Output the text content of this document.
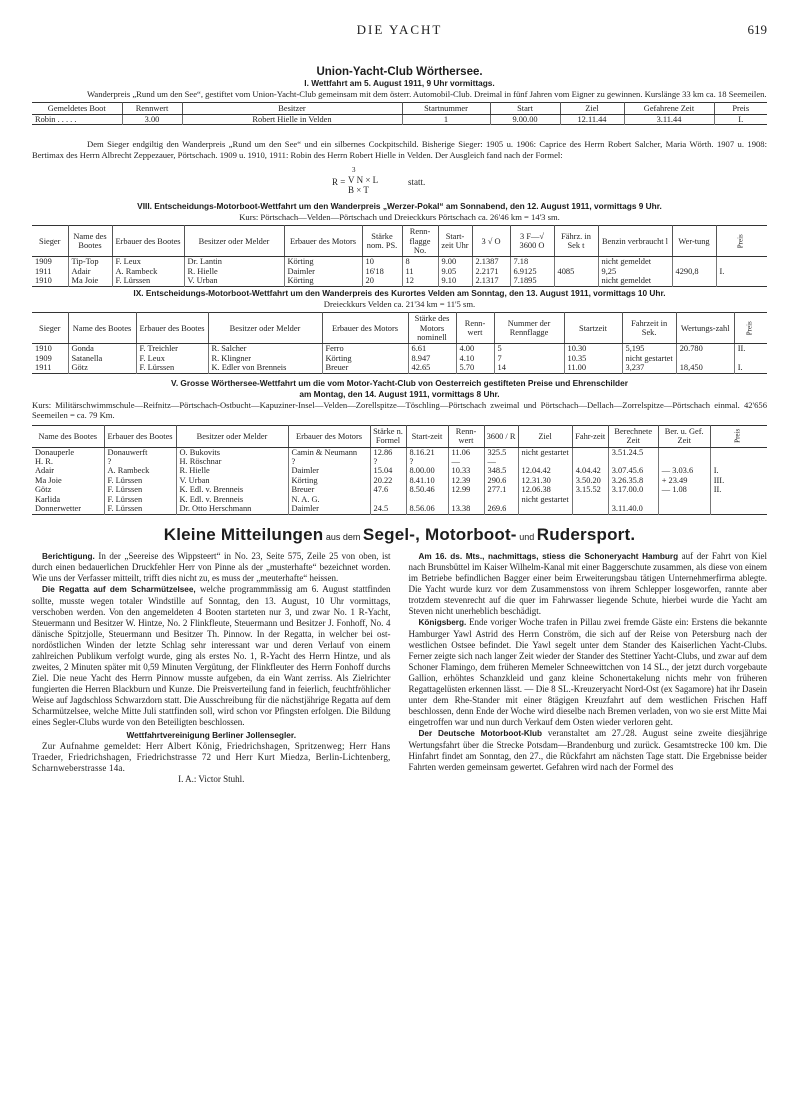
DIE YACHT	619
Union-Yacht-Club Wörthersee.
I. Wettfahrt am 5. August 1911, 9 Uhr vormittags.
Wanderpreis „Rund um den See“, gestiftet vom Union-Yacht-Club gemeinsam mit dem österr. Automobil-Club. Dreimal in fünf Jahren vom Eigner zu gewinnen. Kurslänge 33 km ca. 18 Seemeilen.
Gemeldetes Boot	Rennwert	Besitzer	Startnummer	Start	Ziel	Gefahrene Zeit	Preis
Robin . . . . .	3.00	Robert Hielle in Velden	1	9.00.00	12.11.44	3.11.44	I.
Dem Sieger endgiltig den Wanderpreis „Rund um den See“ und ein silbernes Cockpitschild. Bisherige Sieger: 1905 u. 1906: Caprice des Herrn Robert Salcher, Maria Wörth. 1907 u. 1908: Bertimax des Herrn Albrecht Zeppezauer, Pörtschach. 1909 u. 1910, 1911: Robin des Herrn Robert Hielle in Velden. Der Ausgleich fand nach der Formel:
R =
3
V N × L
B × T
statt.
VIII. Entscheidungs-Motorboot-Wettfahrt um den Wanderpreis „Werzer-Pokal“ am Sonnabend, den 12. August 1911, vormittags 9 Uhr.
Kurs: Pörtschach—Velden—Pörtschach und Dreieckkurs Pörtschach ca. 26'46 km = 14'3 sm.
Sieger	Name des Bootes	Erbauer des Bootes	Besitzer oder Melder	Erbauer des Motors	Stärke nom. PS.	Renn-flagge No.	Start-zeit Uhr	3 √ O	3 F—√ 3600 O	Fährz. in Sek t	Benzin verbraucht l	Wer-tung	Preis
1909	Tip-Top	F. Leux	Dr. Lantin	Körting	10	8	9.00	2.1387	7.18		nicht gemeldet		
1911	Adair	A. Rambeck	R. Hielle	Daimler	16'18	11	9.05	2.2171	6.9125	4085	9,25	4290,8	I.
1910	Ma Joie	F. Lürssen	V. Urban	Körting	20	12	9.10	2.1317	7.1895		nicht gemeldet		
IX. Entscheidungs-Motorboot-Wettfahrt um den Wanderpreis des Kurortes Velden am Sonntag, den 13. August 1911, vormittags 10 Uhr.
Dreieckkurs Velden ca. 21'34 km = 11'5 sm.
Sieger	Name des Bootes	Erbauer des Bootes	Besitzer oder Melder	Erbauer des Motors	Stärke des Motors nominell	Renn-wert	Nummer der Rennflagge	Startzeit	Fahrzeit in Sek.	Wertungs-zahl	Preis
1910	Gonda	F. Treichler	R. Salcher	Ferro	6.61	4.00	5	10.30	5,195	20.780	II.
1909	Satanella	F. Leux	R. Klingner	Körting	8.947	4.10	7	10.35	nicht gestartet		
1911	Götz	F. Lürssen	K. Edler von Brenneis	Breuer	42.65	5.70	14	11.00	3,237	18,450	I.
V. Grosse Wörthersee-Wettfahrt um die vom Motor-Yacht-Club von Oesterreich gestifteten Preise und Ehrenschilder
am Montag, den 14. August 1911, vormittags 8 Uhr.
Kurs: Militärschwimmschule—Reifnitz—Pörtschach-Ostbucht—Kapuziner-Insel—Velden—Zorellspitze—Töschling—Pörtschach zweimal und Pörtschach—Dellach—Zorrelspitze—Pörtschach einmal. 42'656 Seemeilen = ca. 79 Km.
Name des Bootes	Erbauer des Bootes	Besitzer oder Melder	Erbauer des Motors	Stärke n. Formel	Start-zeit	Renn-wert	3600 / R	Ziel	Fahr-zeit	Berechnete Zeit	Ber. u. Gef. Zeit	Preis
Donauperle	Donauwerft	O. Bukovits	Camin & Neumann	12.86	8.16.21	11.06	325.5	nicht gestartet		3.51.24.5		
H. R.	?	H. Röschnar	?	?	?	—	—					
Adair	A. Rambeck	R. Hielle	Daimler	15.04	8.00.00	10.33	348.5	12.04.42	4.04.42	3.07.45.6	— 3.03.6	I.
Ma Joie	F. Lürssen	V. Urban	Körting	20.22	8.41.10	12.39	290.6	12.31.30	3.50.20	3.26.35.8	+ 23.49	III.
Götz	F. Lürssen	K. Edl. v. Brenneis	Breuer	47.6	8.50.46	12.99	277.1	12.06.38	3.15.52	3.17.00.0	— 1.08	II.
Karlida	F. Lürssen	K. Edl. v. Brenneis	N. A. G.					nicht gestartet				
Donnerwetter	F. Lürssen	Dr. Otto Herschmann	Daimler	24.5	8.56.06	13.38	269.6			3.11.40.0		
Kleine Mitteilungen aus dem Segel-, Motorboot- und Rudersport.

Berichtigung. In der „Seereise des Wippsteert“ in No. 23, Seite 575, Zeile 25 von oben, ist durch einen bedauerlichen Druckfehler Herr von Pinne als der „musterhafte“ bezeichnet worden. Wie uns der Verfasser mitteilt, trifft dies nicht zu, es muss der „meuterhafte“ heissen.

Die Regatta auf dem Scharmützelsee, welche programmmässig am 6. August stattfinden sollte, musste wegen totaler Windstille auf Sonntag, den 13. August, 10 Uhr vormittags, verschoben werden. Von den angemeldeten 4 Booten starteten nur 3, und zwar No. 1 R-Yacht, Steuermann und Besitzer W. Hintze, No. 2 Flinkfleute, Steuermann und Besitzer J. Fonhoff, No. 4 dänische Spitzjolle, Steuermann und Besitzer Th. Pinnow. In der Regatta, in welcher bei ost-nordöstlichen Winden der letzte Schlag sehr interessant war und deren Verlauf von einem zahlreichen Publikum verfolgt wurde, ging als erstes No. 1, R-Yacht des Herrn Hintze, und als zweites, 2 Minuten später mit 0,59 Minuten Vergütung, der Flinkfleuter des Herrn Fonhoff durchs Ziel. Die neue Yacht des Herrn Pinnow musste aufgeben, da ein Want zerriss. Als Zielrichter fungierten die Herren Blackburn und Kunze. Die Preisverteilung fand in feierlich, feuchtfröhlicher Weise auf Jagdschloss Schwarzdorn statt. Die Ausschreibung für die nächstjährige Regatta auf dem Scharmützelsee, welche Mitte Juli stattfinden soll, wird schon vor Pfingsten erfolgen. Die Bildung eines Segler-Clubs wurde von den Beteiligten beschlossen.

Wettfahrtvereinigung Berliner Jollensegler.

Zur Aufnahme gemeldet: Herr Albert König, Friedrichshagen, Spritzenweg; Herr Hans Traeder, Friedrichshagen, Friedrichstrasse 72 und Herr Kurt Miedza, Berlin-Lichtenberg, Scharnweberstrasse 14a.

I. A.: Victor Stuhl.

Am 16. ds. Mts., nachmittags, stiess die Schoneryacht Hamburg auf der Fahrt von Kiel nach Brunsbüttel im Kaiser Wilhelm-Kanal mit einer Baggerschute zusammen, als diese von einem im Betriebe befindlichen Bagger einer beim Erweiterungsbau tätigen Unternehmerfirma ablegte. Die Yacht wurde kurz vor dem Zusammenstoss von ihrem Schlepper losgeworfen, rannte aber trotzdem stevenrecht auf die quer im Fahrwasser liegende Schute, hierbei wurde die Yacht am Steven nicht unerheblich beschädigt.

Königsberg. Ende voriger Woche trafen in Pillau zwei fremde Gäste ein: Erstens die bekannte Hamburger Yawl Astrid des Herrn Conström, die sich auf der Reise von Petersburg nach der westlichen Ostsee befindet. Die Yawl segelt unter dem Stander des Kaiserlichen Yacht-Clubs. Ferner zeigte sich nach langer Zeit wieder der Stander des Stettiner Yacht-Clubs, und zwar auf dem Schoner Flamingo, dem früheren Memeler Schneewittchen von 14 SL., der jetzt durch vorgebaute Gallion, erhöhtes Schanzkleid und ganz kleine Schonertakelung nichts mehr von früheren Regattagelüsten erkennen lässt. — Die 8 SL.-Kreuzeryacht Nord-Ost (ex Sagamore) hat ihr Dasein unter dem Rhe-Stander mit einer 8tägigen Kreuzfahrt auf dem westlichen Frischen Haff beschlossen, denn Ende der Woche wird dieselbe nach Bremen verladen, von wo sie erst Mitte Mai eingetroffen war und nun durch Verkauf dem Osten wieder verloren geht.

Der Deutsche Motorboot-Klub veranstaltet am 27./28. August seine zweite diesjährige Wertungsfahrt über die Strecke Potsdam—Brandenburg und zurück. Gesamtstrecke 100 km. Die Hinfahrt findet am Sonntag, den 27., die Rückfahrt am nächsten Tage statt. Die Ergebnisse beider Fahrten werden gemeinsam gewertet. Gefahren wird nach der Formel des
